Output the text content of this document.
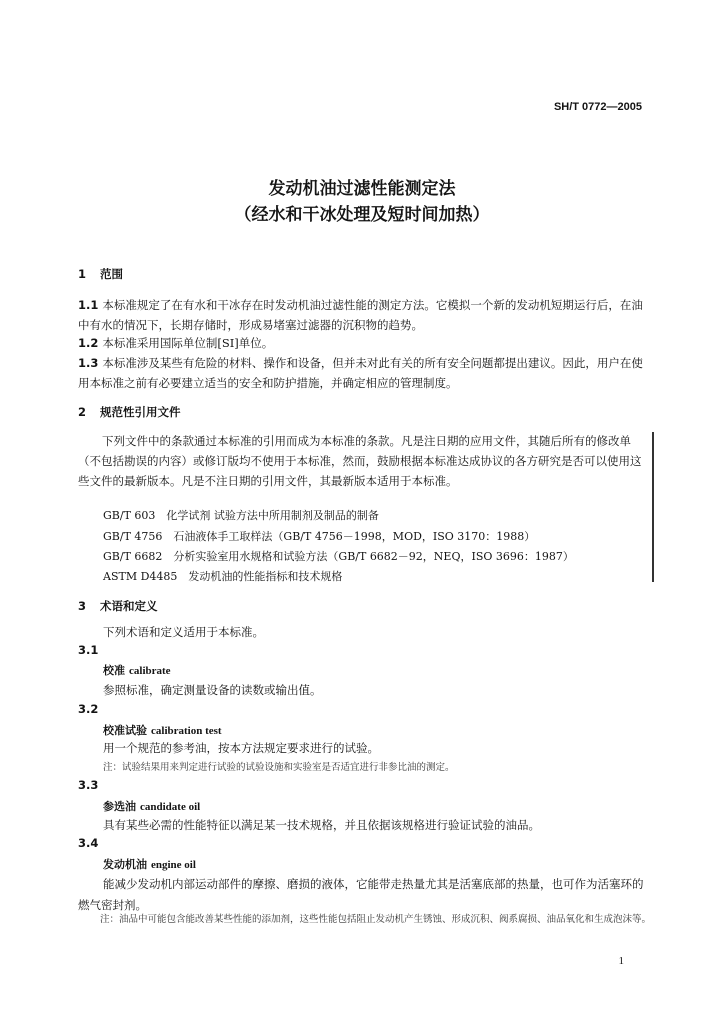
SH/T 0772—2005
发动机油过滤性能测定法
（经水和干冰处理及短时间加热）
1 范围
1.1 本标准规定了在有水和干冰存在时发动机油过滤性能的测定方法。它模拟一个新的发动机短期运行后，在油中有水的情况下，长期存储时，形成易堵塞过滤器的沉积物的趋势。
1.2 本标准采用国际单位制[SI]单位。
1.3 本标准涉及某些有危险的材料、操作和设备，但并未对此有关的所有安全问题都提出建议。因此，用户在使用本标准之前有必要建立适当的安全和防护措施，并确定相应的管理制度。
2 规范性引用文件
下列文件中的条款通过本标准的引用而成为本标准的条款。凡是注日期的应用文件，其随后所有的修改单（不包括勘误的内容）或修订版均不使用于本标准，然而，鼓励根据本标准达成协议的各方研究是否可以使用这些文件的最新版本。凡是不注日期的引用文件，其最新版本适用于本标准。
GB/T 603　化学试剂 试验方法中所用制剂及制品的制备
GB/T 4756　石油液体手工取样法（GB/T 4756－1998，MOD，ISO 3170：1988）
GB/T 6682　分析实验室用水规格和试验方法（GB/T 6682－92，NEQ，ISO 3696：1987）
ASTM D4485　发动机油的性能指标和技术规格
3 术语和定义
下列术语和定义适用于本标准。
3.1
校准 calibrate
参照标准，确定测量设备的读数或输出值。
3.2
校准试验 calibration test
用一个规范的参考油，按本方法规定要求进行的试验。
注：试验结果用来判定进行试验的试验设施和实验室是否适宜进行非参比油的测定。
3.3
参选油 candidate oil
具有某些必需的性能特征以满足某一技术规格，并且依据该规格进行验证试验的油品。
3.4
发动机油 engine oil
能减少发动机内部运动部件的摩擦、磨损的液体，它能带走热量尤其是活塞底部的热量，也可作为活塞环的燃气密封剂。
注：油品中可能包含能改善某些性能的添加剂，这些性能包括阻止发动机产生锈蚀、形成沉积、阀系腐损、油品氧化和生成泡沫等。
1
